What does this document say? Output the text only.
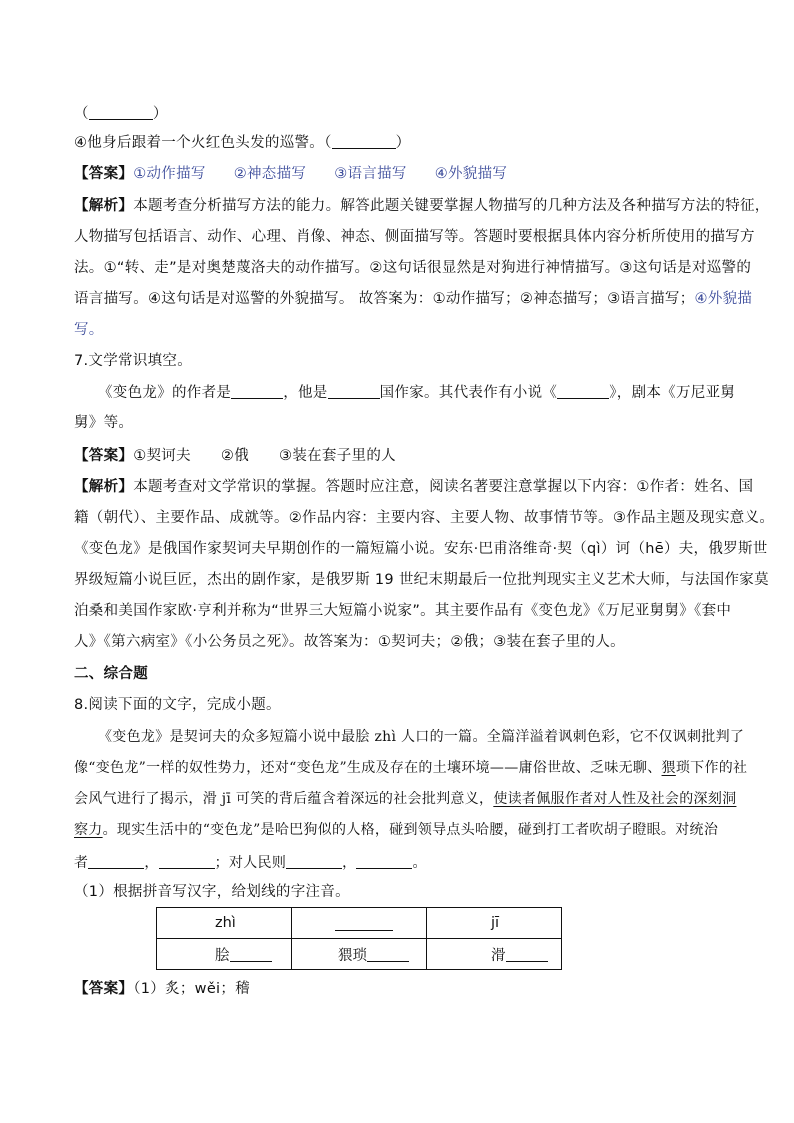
（	）
④他身后跟着一个火红色头发的巡警。（	）
【答案】①动作描写 ②神态描写 ③语言描写 ④外貌描写
【解析】本题考查分析描写方法的能力。解答此题关键要掌握人物描写的几种方法及各种描写方法的特征，
人物描写包括语言、动作、心理、肖像、神态、侧面描写等。答题时要根据具体内容分析所使用的描写方
法。①“转、走”是对奥楚蔑洛夫的动作描写。②这句话很显然是对狗进行神情描写。③这句话是对巡警的
语言描写。④这句话是对巡警的外貌描写。 故答案为：①动作描写；②神态描写；③语言描写；④外貌描
写。
7.文学常识填空。
《变色龙》的作者是	，他是	国作家。其代表作有小说《	》，剧本《万尼亚舅
舅》等。
【答案】①契诃夫 ②俄 ③装在套子里的人
【解析】本题考查对文学常识的掌握。答题时应注意，阅读名著要注意掌握以下内容：①作者：姓名、国
籍（朝代）、主要作品、成就等。②作品内容：主要内容、主要人物、故事情节等。③作品主题及现实意义。
《变色龙》是俄国作家契诃夫早期创作的一篇短篇小说。安东·巴甫洛维奇·契（qì）诃（hē）夫，俄罗斯世
界级短篇小说巨匠，杰出的剧作家，是俄罗斯 19 世纪末期最后一位批判现实主义艺术大师，与法国作家莫
泊桑和美国作家欧·亨利并称为“世界三大短篇小说家”。其主要作品有《变色龙》《万尼亚舅舅》《套中
人》《第六病室》《小公务员之死》。故答案为：①契诃夫；②俄；③装在套子里的人。
二、综合题
8.阅读下面的文字，完成小题。
《变色龙》是契诃夫的众多短篇小说中最脍 zhì 人口的一篇。全篇洋溢着讽刺色彩，它不仅讽刺批判了
像“变色龙”一样的奴性势力，还对“变色龙”生成及存在的土壤环境——庸俗世故、乏味无聊、猥琐下作的社
会风气进行了揭示，滑 jī 可笑的背后蕴含着深远的社会批判意义，使读者佩服作者对人性及社会的深刻洞
察力。现实生活中的“变色龙”是哈巴狗似的人格，碰到领导点头哈腰，碰到打工者吹胡子瞪眼。对统治
者	，	；对人民则	，	。
（1）根据拼音写汉字，给划线的字注音。
zhì		jī

脍	猥琐	滑
【答案】（1）炙；wěi；稽
